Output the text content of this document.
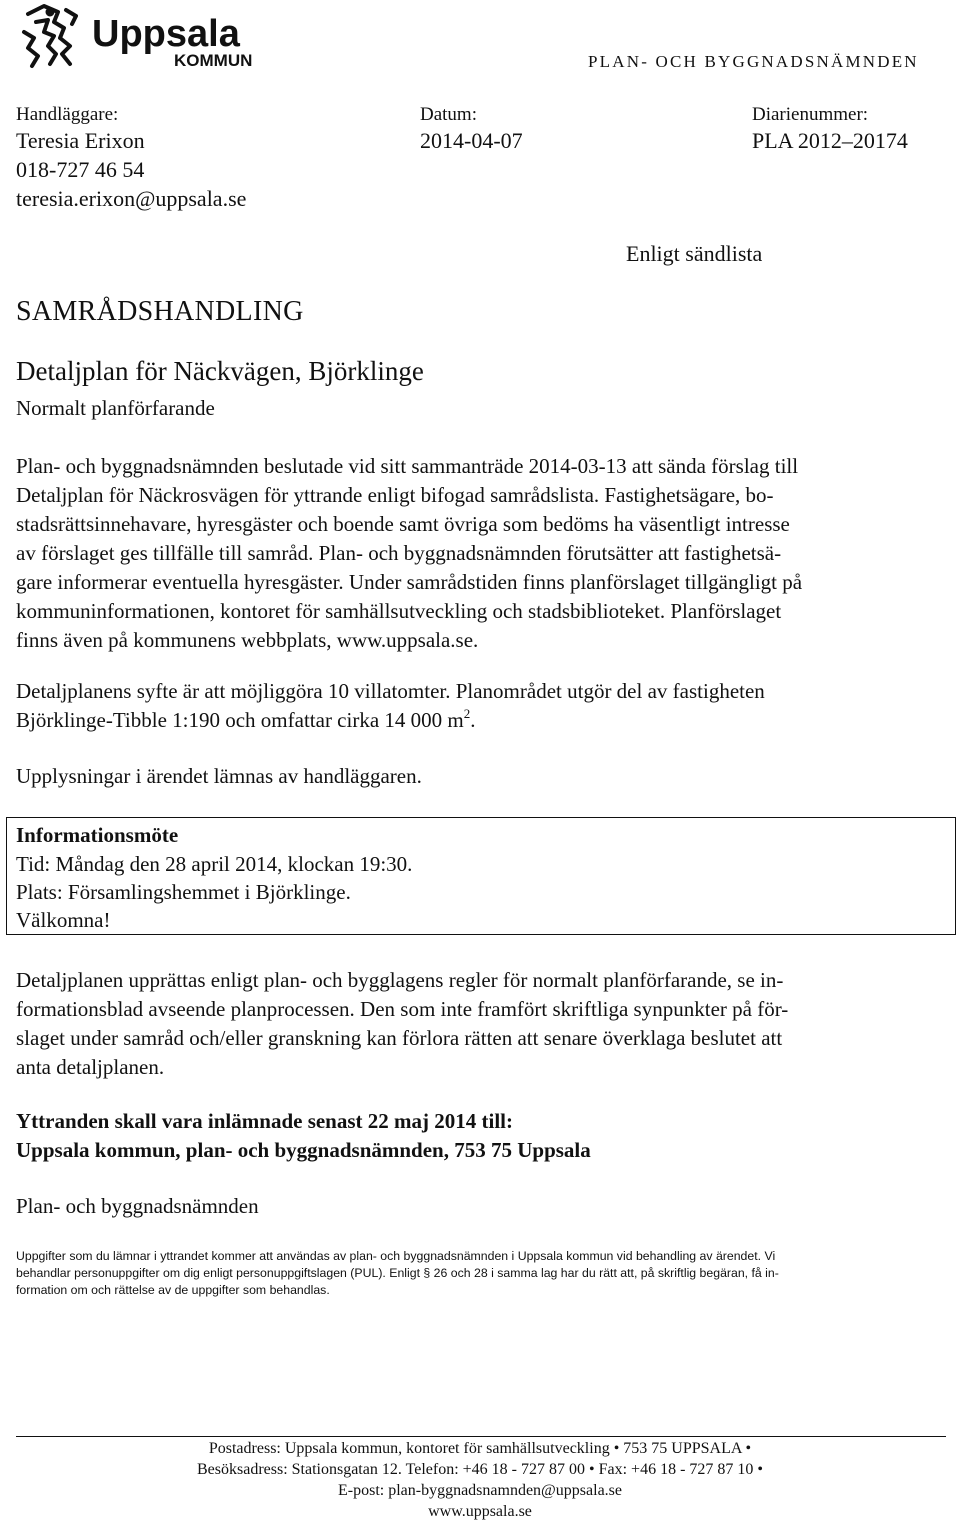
Uppsala
KOMMUN	PLAN- OCH BYGGNADSNÄMNDEN
Handläggare:
Teresia Erixon
018-727 46 54
teresia.erixon@uppsala.se
Datum:
2014-04-07
Diarienummer:
PLA 2012–20174
Enligt sändlista
SAMRÅDSHANDLING
Detaljplan för Näckvägen, Björklinge
Normalt planförfarande
Plan- och byggnadsnämnden beslutade vid sitt sammanträde 2014-03-13 att sända förslag till
Detaljplan för Näckrosvägen för yttrande enligt bifogad samrådslista. Fastighetsägare, bo-
stadsrättsinnehavare, hyresgäster och boende samt övriga som bedöms ha väsentligt intresse
av förslaget ges tillfälle till samråd. Plan- och byggnadsnämnden förutsätter att fastighetsä-
gare informerar eventuella hyresgäster. Under samrådstiden finns planförslaget tillgängligt på
kommuninformationen, kontoret för samhällsutveckling och stadsbiblioteket. Planförslaget
finns även på kommunens webbplats, www.uppsala.se.
Detaljplanens syfte är att möjliggöra 10 villatomter. Planområdet utgör del av fastigheten
Björklinge-Tibble 1:190 och omfattar cirka 14 000 $m^2$.
Upplysningar i ärendet lämnas av handläggaren.
Informationsmöte
Tid: Måndag den 28 april 2014, klockan 19:30.
Plats: Församlingshemmet i Björklinge.
Välkomna!
Detaljplanen upprättas enligt plan- och bygglagens regler för normalt planförfarande, se in-
formationsblad avseende planprocessen. Den som inte framfört skriftliga synpunkter på för-
slaget under samråd och/eller granskning kan förlora rätten att senare överklaga beslutet att
anta detaljplanen.
Yttranden skall vara inlämnade senast 22 maj 2014 till:
Uppsala kommun, plan- och byggnadsnämnden, 753 75 Uppsala
Plan- och byggnadsnämnden
Uppgifter som du lämnar i yttrandet kommer att användas av plan- och byggnadsnämnden i Uppsala kommun vid behandling av ärendet. Vi
behandlar personuppgifter om dig enligt personuppgiftslagen (PUL). Enligt § 26 och 28 i samma lag har du rätt att, på skriftlig begäran, få in-
formation om och rättelse av de uppgifter som behandlas.
Postadress: Uppsala kommun, kontoret för samhällsutveckling • 753 75 UPPSALA •
Besöksadress: Stationsgatan 12. Telefon: +46 18 - 727 87 00 • Fax: +46 18 - 727 87 10 •
E-post: plan-byggnadsnamnden@uppsala.se
www.uppsala.se
